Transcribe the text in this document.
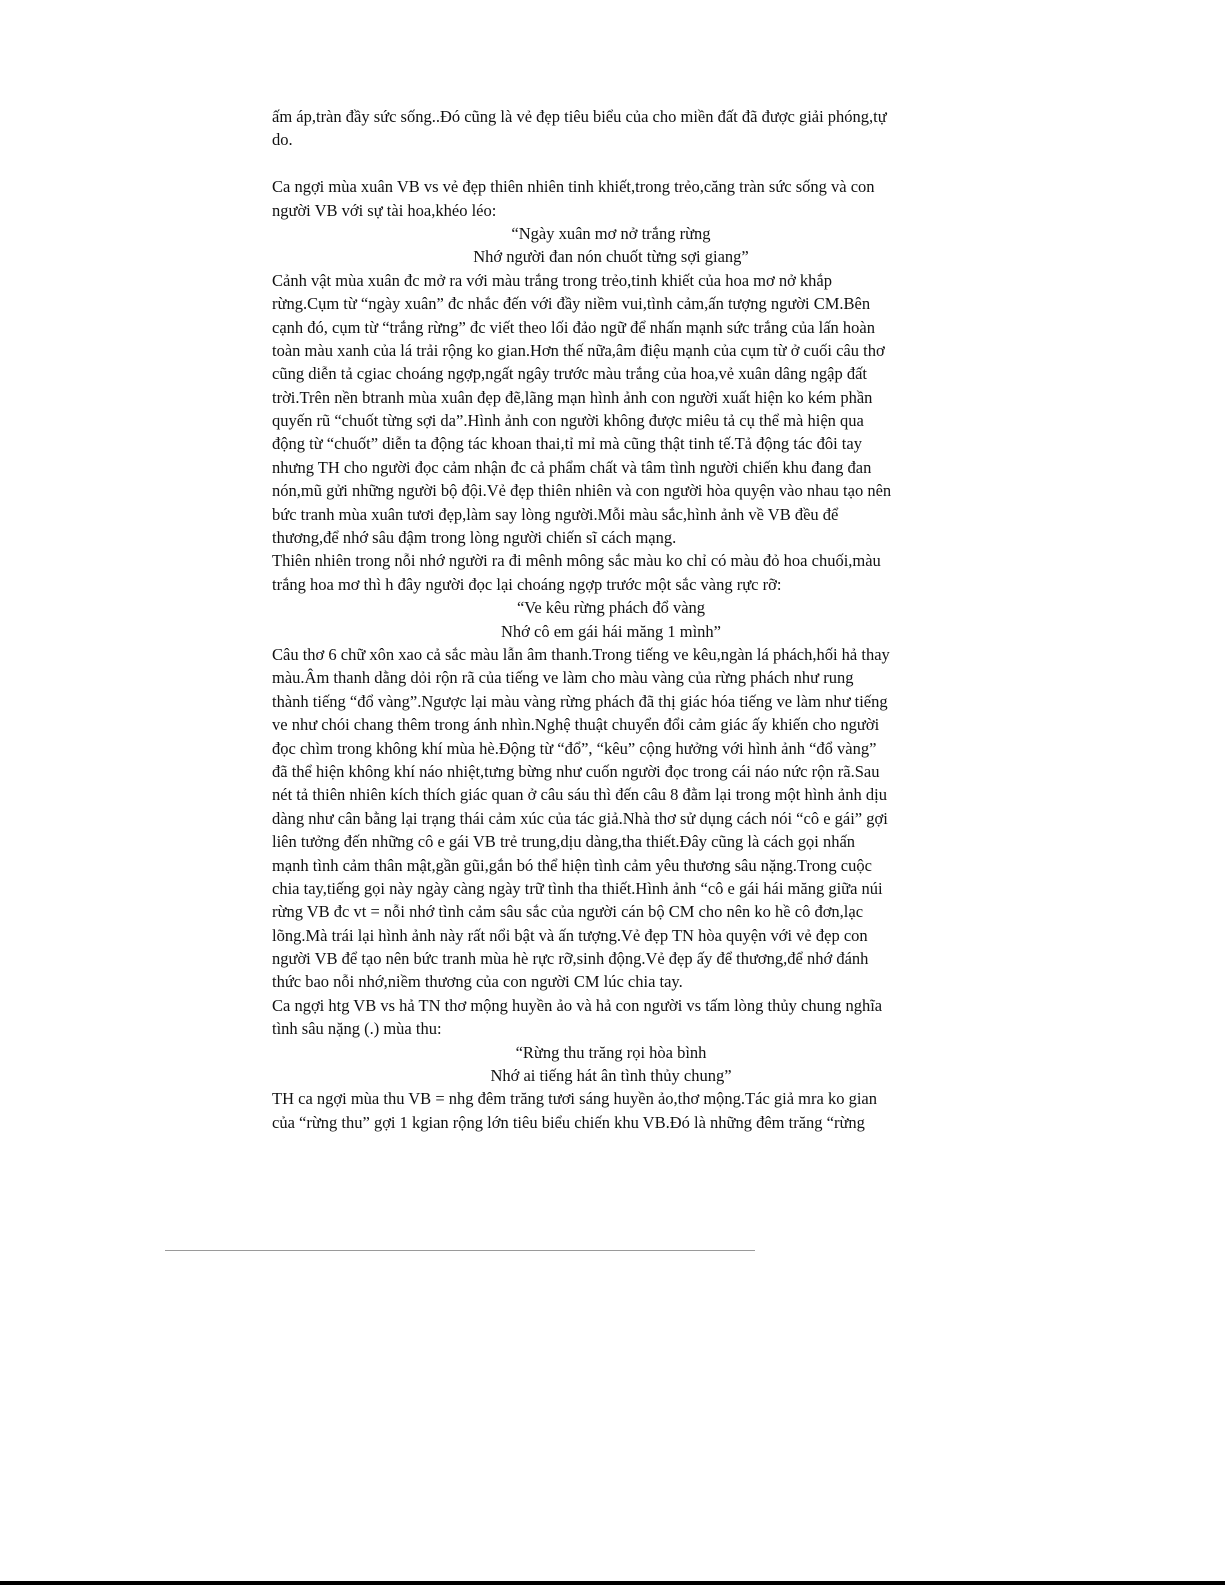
ấm áp,tràn đầy sức sống..Đó cũng là vẻ đẹp tiêu biểu của cho miền đất đã được giải phóng,tự
do.
Ca ngợi mùa xuân VB vs vẻ đẹp thiên nhiên tinh khiết,trong trẻo,căng tràn sức sống và con
người VB với sự tài hoa,khéo léo:
“Ngày xuân mơ nở trắng rừng
Nhớ người đan nón chuốt từng sợi giang”
Cảnh vật mùa xuân đc mở ra với màu trắng trong trẻo,tinh khiết của hoa mơ nở khắp
rừng.Cụm từ “ngày xuân” đc nhắc đến với đầy niềm vui,tình cảm,ấn tượng người CM.Bên
cạnh đó, cụm từ “trắng rừng” đc viết theo lối đảo ngữ để nhấn mạnh sức trắng của lấn hoàn
toàn màu xanh của lá trải rộng ko gian.Hơn thế nữa,âm điệu mạnh của cụm từ ở cuối câu thơ
cũng diễn tả cgiac choáng ngợp,ngất ngây trước màu trắng của hoa,vẻ xuân dâng ngập đất
trời.Trên nền btranh mùa xuân đẹp đẽ,lãng mạn hình ảnh con người xuất hiện ko kém phần
quyến rũ “chuốt từng sợi da”.Hình ảnh con người không được miêu tả cụ thể mà hiện qua
động từ “chuốt” diễn ta động tác khoan thai,tỉ mỉ mà cũng thật tinh tế.Tả động tác đôi tay
nhưng TH cho người đọc cảm nhận đc cả phẩm chất và tâm tình người chiến khu đang đan
nón,mũ gửi những người bộ đội.Vẻ đẹp thiên nhiên và con người hòa quyện vào nhau tạo nên
bức tranh mùa xuân tươi đẹp,làm say lòng người.Mỗi màu sắc,hình ảnh về VB đều để
thương,để nhớ sâu đậm trong lòng người chiến sĩ cách mạng.
Thiên nhiên trong nỗi nhớ người ra đi mênh mông sắc màu ko chỉ có màu đỏ hoa chuối,màu
trắng hoa mơ thì h đây người đọc lại choáng ngợp trước một sắc vàng rực rỡ:
“Ve kêu rừng phách đổ vàng
Nhớ cô em gái hái măng 1 mình”
Câu thơ 6 chữ xôn xao cả sắc màu lẫn âm thanh.Trong tiếng ve kêu,ngàn lá phách,hối hả thay
màu.Âm thanh dằng dỏi rộn rã của tiếng ve làm cho màu vàng của rừng phách như rung
thành tiếng “đổ vàng”.Ngược lại màu vàng rừng phách đã thị giác hóa tiếng ve làm như tiếng
ve như chói chang thêm trong ánh nhìn.Nghệ thuật chuyển đổi cảm giác ấy khiến cho người
đọc chìm trong không khí mùa hè.Động từ “đổ”, “kêu” cộng hưởng với hình ảnh “đổ vàng”
đã thể hiện không khí náo nhiệt,tưng bừng như cuốn người đọc trong cái náo nức rộn rã.Sau
nét tả thiên nhiên kích thích giác quan ở câu sáu thì đến câu 8 đằm lại trong một hình ảnh dịu
dàng như cân bằng lại trạng thái cảm xúc của tác giả.Nhà thơ sử dụng cách nói “cô e gái” gợi
liên tưởng đến những cô e gái VB trẻ trung,dịu dàng,tha thiết.Đây cũng là cách gọi nhấn
mạnh tình cảm thân mật,gần gũi,gắn bó thể hiện tình cảm yêu thương sâu nặng.Trong cuộc
chia tay,tiếng gọi này ngày càng ngày trữ tình tha thiết.Hình ảnh “cô e gái hái măng giữa núi
rừng VB đc vt = nỗi nhớ tình cảm sâu sắc của người cán bộ CM cho nên ko hề cô đơn,lạc
lõng.Mà trái lại hình ảnh này rất nổi bật và ấn tượng.Vẻ đẹp TN hòa quyện với vẻ đẹp con
người VB để tạo nên bức tranh mùa hè rực rỡ,sinh động.Vẻ đẹp ấy để thương,để nhớ đánh
thức bao nỗi nhớ,niềm thương của con người CM lúc chia tay.
Ca ngợi htg VB vs hả TN thơ mộng huyền ảo và hả con người vs tấm lòng thủy chung nghĩa
tình sâu nặng (.) mùa thu:
“Rừng thu trăng rọi hòa bình
Nhớ ai tiếng hát ân tình thủy chung”
TH ca ngợi mùa thu VB = nhg đêm trăng tươi sáng huyền ảo,thơ mộng.Tác giả mra ko gian
của “rừng thu” gợi 1 kgian rộng lớn tiêu biểu chiến khu VB.Đó là những đêm trăng “rừng
